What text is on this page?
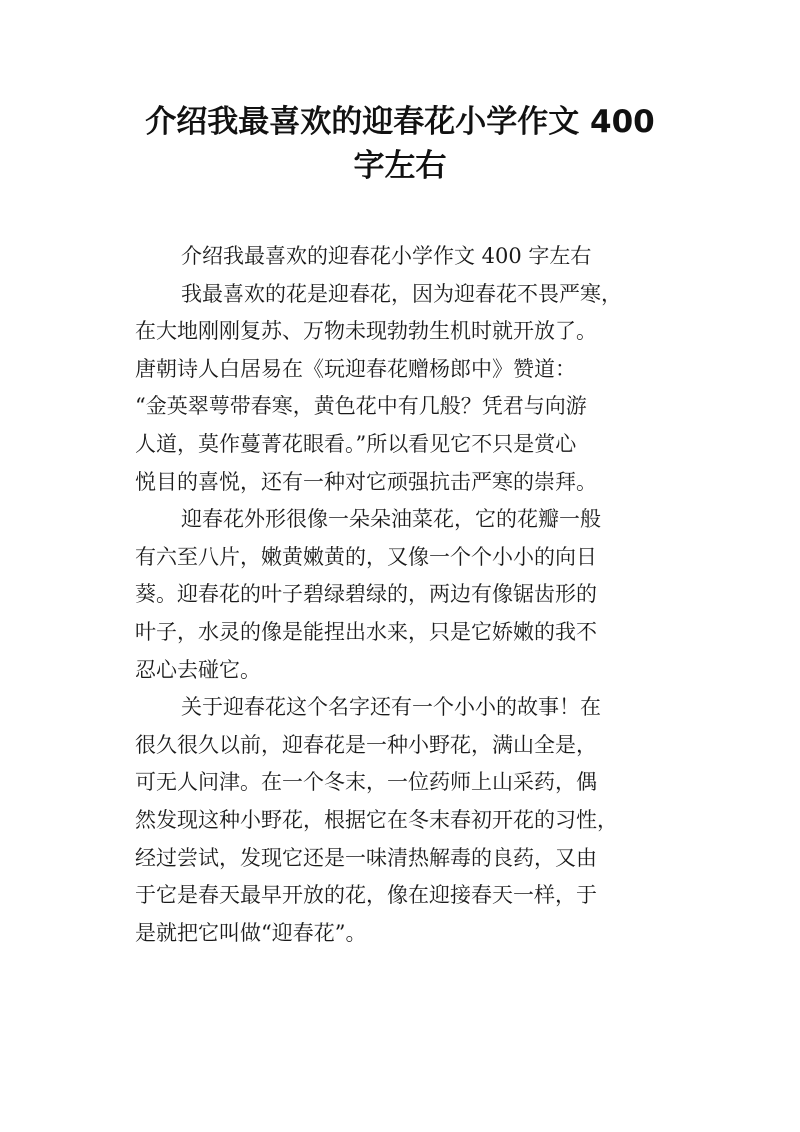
介绍我最喜欢的迎春花小学作文 400
字左右
介绍我最喜欢的迎春花小学作文 400 字左右
我最喜欢的花是迎春花，因为迎春花不畏严寒，
在大地刚刚复苏、万物未现勃勃生机时就开放了。
唐朝诗人白居易在《玩迎春花赠杨郎中》赞道：
“金英翠萼带春寒，黄色花中有几般？凭君与向游
人道，莫作蔓菁花眼看。”所以看见它不只是赏心
悦目的喜悦，还有一种对它顽强抗击严寒的崇拜。
迎春花外形很像一朵朵油菜花，它的花瓣一般
有六至八片，嫩黄嫩黄的，又像一个个小小的向日
葵。迎春花的叶子碧绿碧绿的，两边有像锯齿形的
叶子，水灵的像是能捏出水来，只是它娇嫩的我不
忍心去碰它。
关于迎春花这个名字还有一个小小的故事！在
很久很久以前，迎春花是一种小野花，满山全是，
可无人问津。在一个冬末，一位药师上山采药，偶
然发现这种小野花，根据它在冬末春初开花的习性，
经过尝试，发现它还是一味清热解毒的良药，又由
于它是春天最早开放的花，像在迎接春天一样，于
是就把它叫做“迎春花”。
